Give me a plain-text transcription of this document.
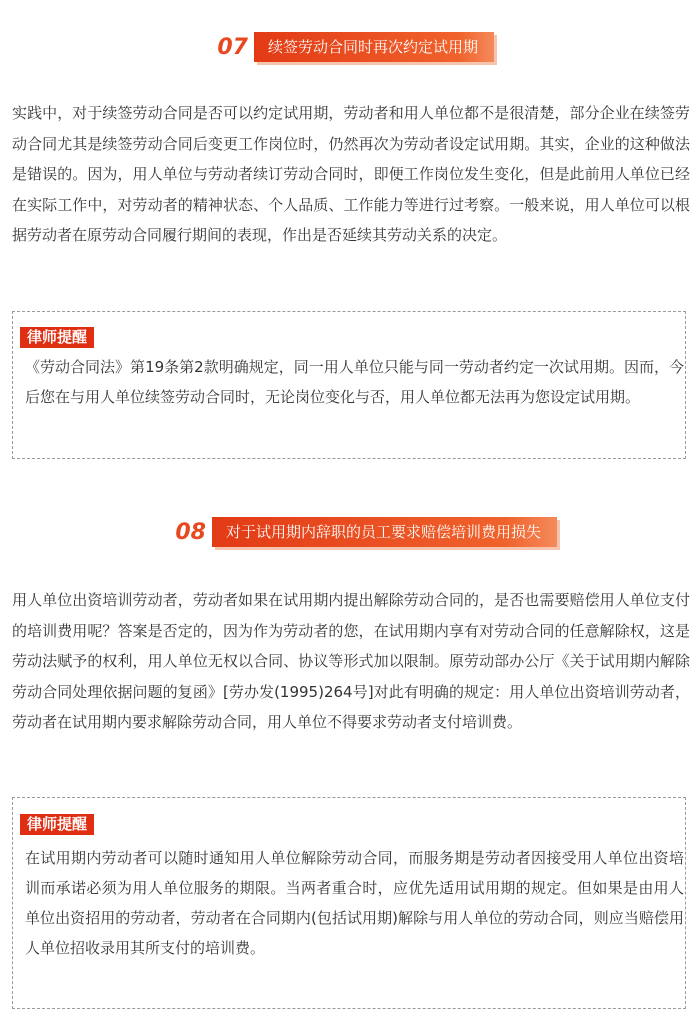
07	续签劳动合同时再次约定试用期
实践中，对于续签劳动合同是否可以约定试用期，劳动者和用人单位都不是很清楚，部分企业在续签劳动合同尤其是续签劳动合同后变更工作岗位时，仍然再次为劳动者设定试用期。其实，企业的这种做法是错误的。因为，用人单位与劳动者续订劳动合同时，即便工作岗位发生变化，但是此前用人单位已经在实际工作中，对劳动者的精神状态、个人品质、工作能力等进行过考察。一般来说，用人单位可以根据劳动者在原劳动合同履行期间的表现，作出是否延续其劳动关系的决定。
律师提醒
《劳动合同法》第19条第2款明确规定，同一用人单位只能与同一劳动者约定一次试用期。因而，今后您在与用人单位续签劳动合同时，无论岗位变化与否，用人单位都无法再为您设定试用期。
08	对于试用期内辞职的员工要求赔偿培训费用损失
用人单位出资培训劳动者，劳动者如果在试用期内提出解除劳动合同的，是否也需要赔偿用人单位支付的培训费用呢？答案是否定的，因为作为劳动者的您，在试用期内享有对劳动合同的任意解除权，这是劳动法赋予的权利，用人单位无权以合同、协议等形式加以限制。原劳动部办公厅《关于试用期内解除劳动合同处理依据问题的复函》[劳办发(1995)264号]对此有明确的规定：用人单位出资培训劳动者，劳动者在试用期内要求解除劳动合同，用人单位不得要求劳动者支付培训费。
律师提醒
在试用期内劳动者可以随时通知用人单位解除劳动合同，而服务期是劳动者因接受用人单位出资培训而承诺必须为用人单位服务的期限。当两者重合时，应优先适用试用期的规定。但如果是由用人单位出资招用的劳动者，劳动者在合同期内(包括试用期)解除与用人单位的劳动合同，则应当赔偿用人单位招收录用其所支付的培训费。
